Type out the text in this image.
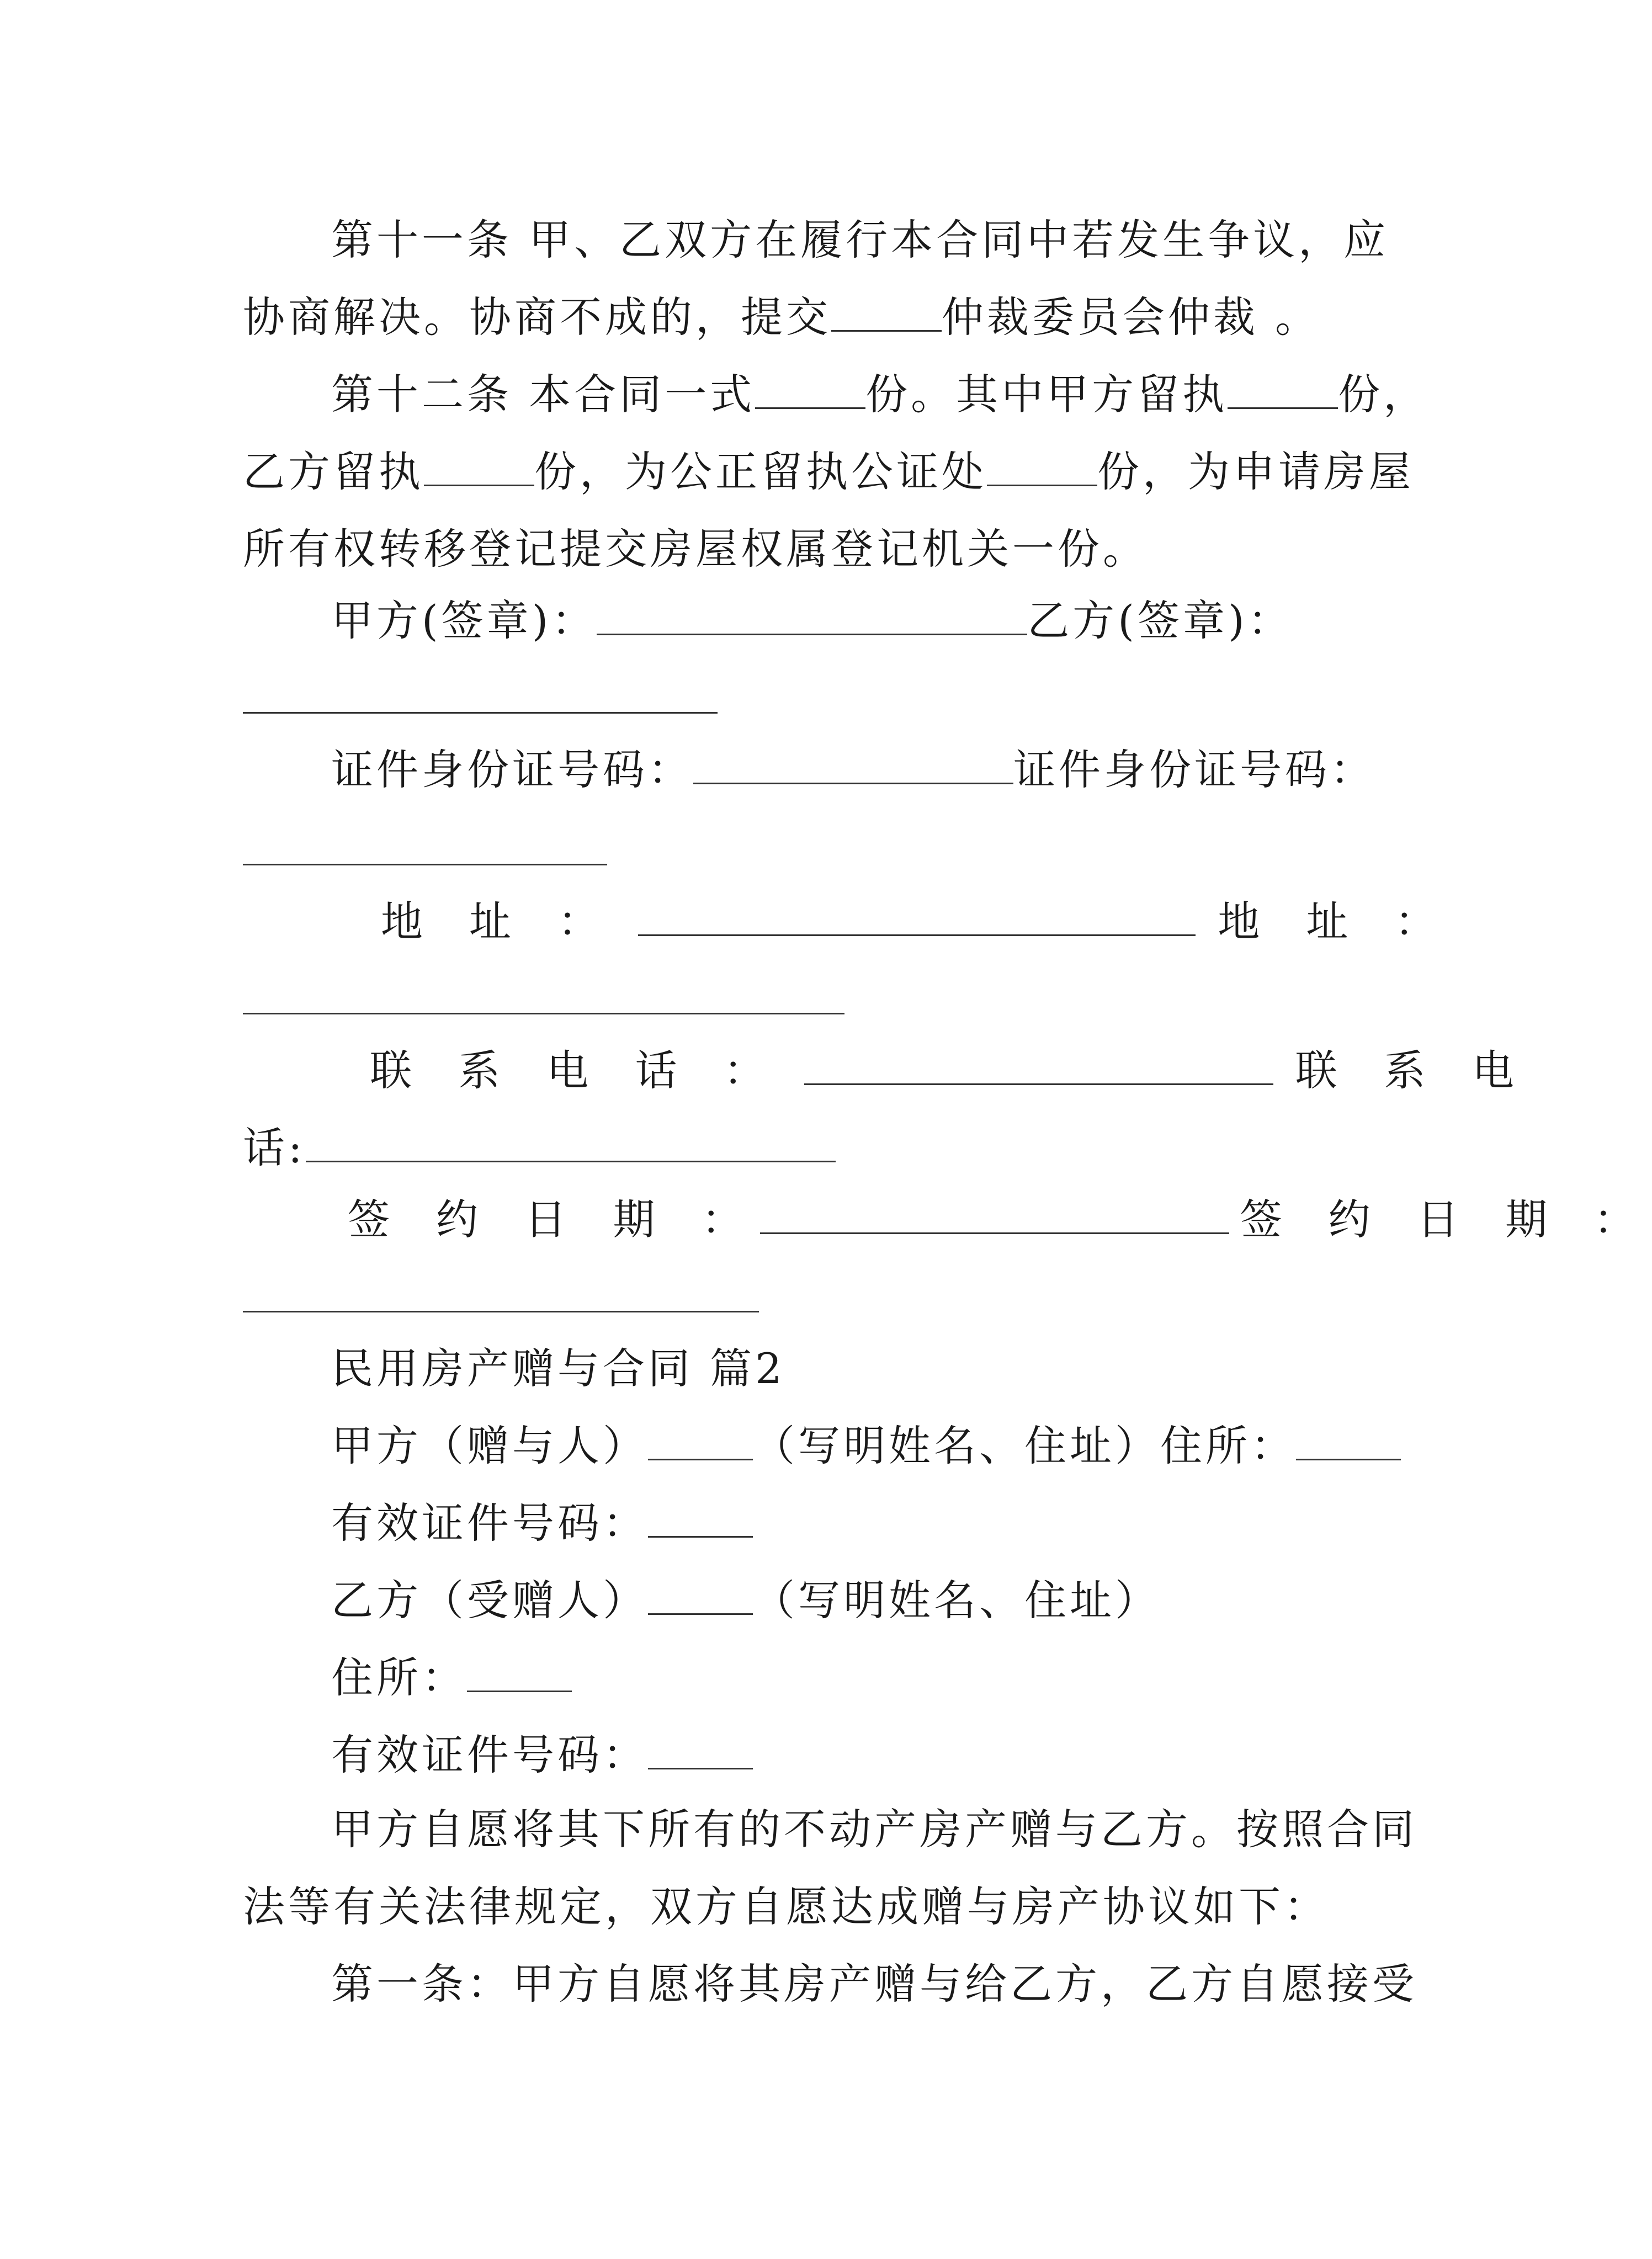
第十一条 甲、乙双方在履行本合同中若发生争议，应
协商解决。协商不成的，提交	仲裁委员会仲裁 。
第十二条 本合同一式	份。其中甲方留执	份，
乙方留执	份，为公正留执公证处	份，为申请房屋
所有权转移登记提交房屋权属登记机关一份。
甲方(签章)：	乙方(签章)：
证件身份证号码：	证件身份证号码：
地 址 ：	地 址 ：
联 系 电 话 ：	联 系 电
话:
签 约 日 期 ：	签 约 日 期 ：
民用房产赠与合同 篇2
甲方（赠与人）	（写明姓名、住址）住所：
有效证件号码：
乙方（受赠人）	（写明姓名、住址）
住所：
有效证件号码：
甲方自愿将其下所有的不动产房产赠与乙方。按照合同
法等有关法律规定，双方自愿达成赠与房产协议如下：
第一条：甲方自愿将其房产赠与给乙方，乙方自愿接受
